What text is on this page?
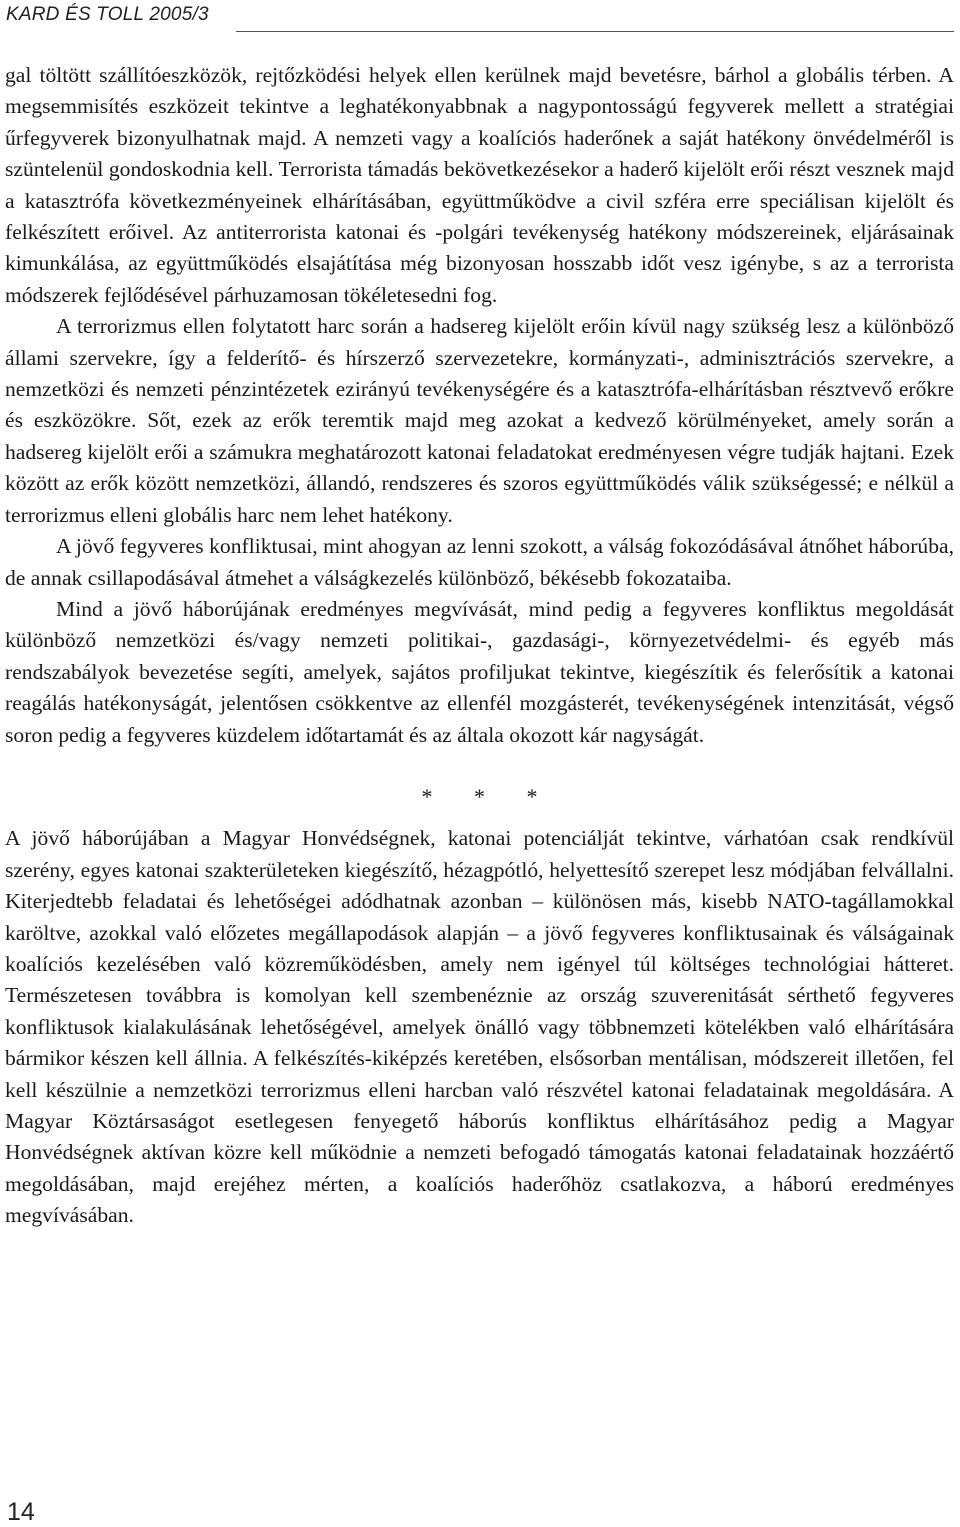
KARD ÉS TOLL 2005/3

gal töltött szállítóeszközök, rejtőzködési helyek ellen kerülnek majd bevetésre, bárhol a globális térben. A megsemmisítés eszközeit tekintve a leghatékonyabbnak a nagypontosságú fegyverek mellett a stratégiai űrfegyverek bizonyulhatnak majd. A nemzeti vagy a koalíciós haderőnek a saját hatékony önvédelméről is szüntelenül gondoskodnia kell. Terrorista támadás bekövetkezésekor a haderő kijelölt erői részt vesznek majd a katasztrófa következményeinek elhárításában, együttműködve a civil szféra erre speciálisan kijelölt és felkészített erőivel. Az antiterrorista katonai és -polgári tevékenység hatékony módszereinek, eljárásainak kimunkálása, az együttműködés elsajátítása még bizonyosan hosszabb időt vesz igénybe, s az a terrorista módszerek fejlődésével párhuzamosan tökéletesedni fog.

A terrorizmus ellen folytatott harc során a hadsereg kijelölt erőin kívül nagy szükség lesz a különböző állami szervekre, így a felderítő- és hírszerző szervezetekre, kormányzati-, adminisztrációs szervekre, a nemzetközi és nemzeti pénzintézetek ezirányú tevékenységére és a katasztrófa-elhárításban résztvevő erőkre és eszközökre. Sőt, ezek az erők teremtik majd meg azokat a kedvező körülményeket, amely során a hadsereg kijelölt erői a számukra meghatározott katonai feladatokat eredményesen végre tudják hajtani. Ezek között az erők között nemzetközi, állandó, rendszeres és szoros együttműködés válik szükségessé; e nélkül a terrorizmus elleni globális harc nem lehet hatékony.

A jövő fegyveres konfliktusai, mint ahogyan az lenni szokott, a válság fokozódásával átnőhet háborúba, de annak csillapodásával átmehet a válságkezelés különböző, békésebb fokozataiba.

Mind a jövő háborújának eredményes megvívását, mind pedig a fegyveres konfliktus megoldását különböző nemzetközi és/vagy nemzeti politikai-, gazdasági-, környezetvédelmi- és egyéb más rendszabályok bevezetése segíti, amelyek, sajátos profiljukat tekintve, kiegészítik és felerősítik a katonai reagálás hatékonyságát, jelentősen csökkentve az ellenfél mozgásterét, tevékenységének intenzitását, végső soron pedig a fegyveres küzdelem időtartamát és az általa okozott kár nagyságát.

* * *

A jövő háborújában a Magyar Honvédségnek, katonai potenciálját tekintve, várhatóan csak rendkívül szerény, egyes katonai szakterületeken kiegészítő, hézagpótló, helyettesítő szerepet lesz módjában felvállalni. Kiterjedtebb feladatai és lehetőségei adódhatnak azonban – különösen más, kisebb NATO-tagállamokkal karöltve, azokkal való előzetes megállapodások alapján – a jövő fegyveres konfliktusainak és válságainak koalíciós kezelésében való közreműködésben, amely nem igényel túl költséges technológiai hátteret. Természetesen továbbra is komolyan kell szembenéznie az ország szuverenitását sérthető fegyveres konfliktusok kialakulásának lehetőségével, amelyek önálló vagy többnemzeti kötelékben való elhárítására bármikor készen kell állnia. A felkészítés-kiképzés keretében, elsősorban mentálisan, módszereit illetően, fel kell készülnie a nemzetközi terrorizmus elleni harcban való részvétel katonai feladatainak megoldására. A Magyar Köztársaságot esetlegesen fenyegető háborús konfliktus elhárításához pedig a Magyar Honvédségnek aktívan közre kell működnie a nemzeti befogadó támogatás katonai feladatainak hozzáértő megoldásában, majd erejéhez mérten, a koalíciós haderőhöz csatlakozva, a háború eredményes megvívásában.

14
